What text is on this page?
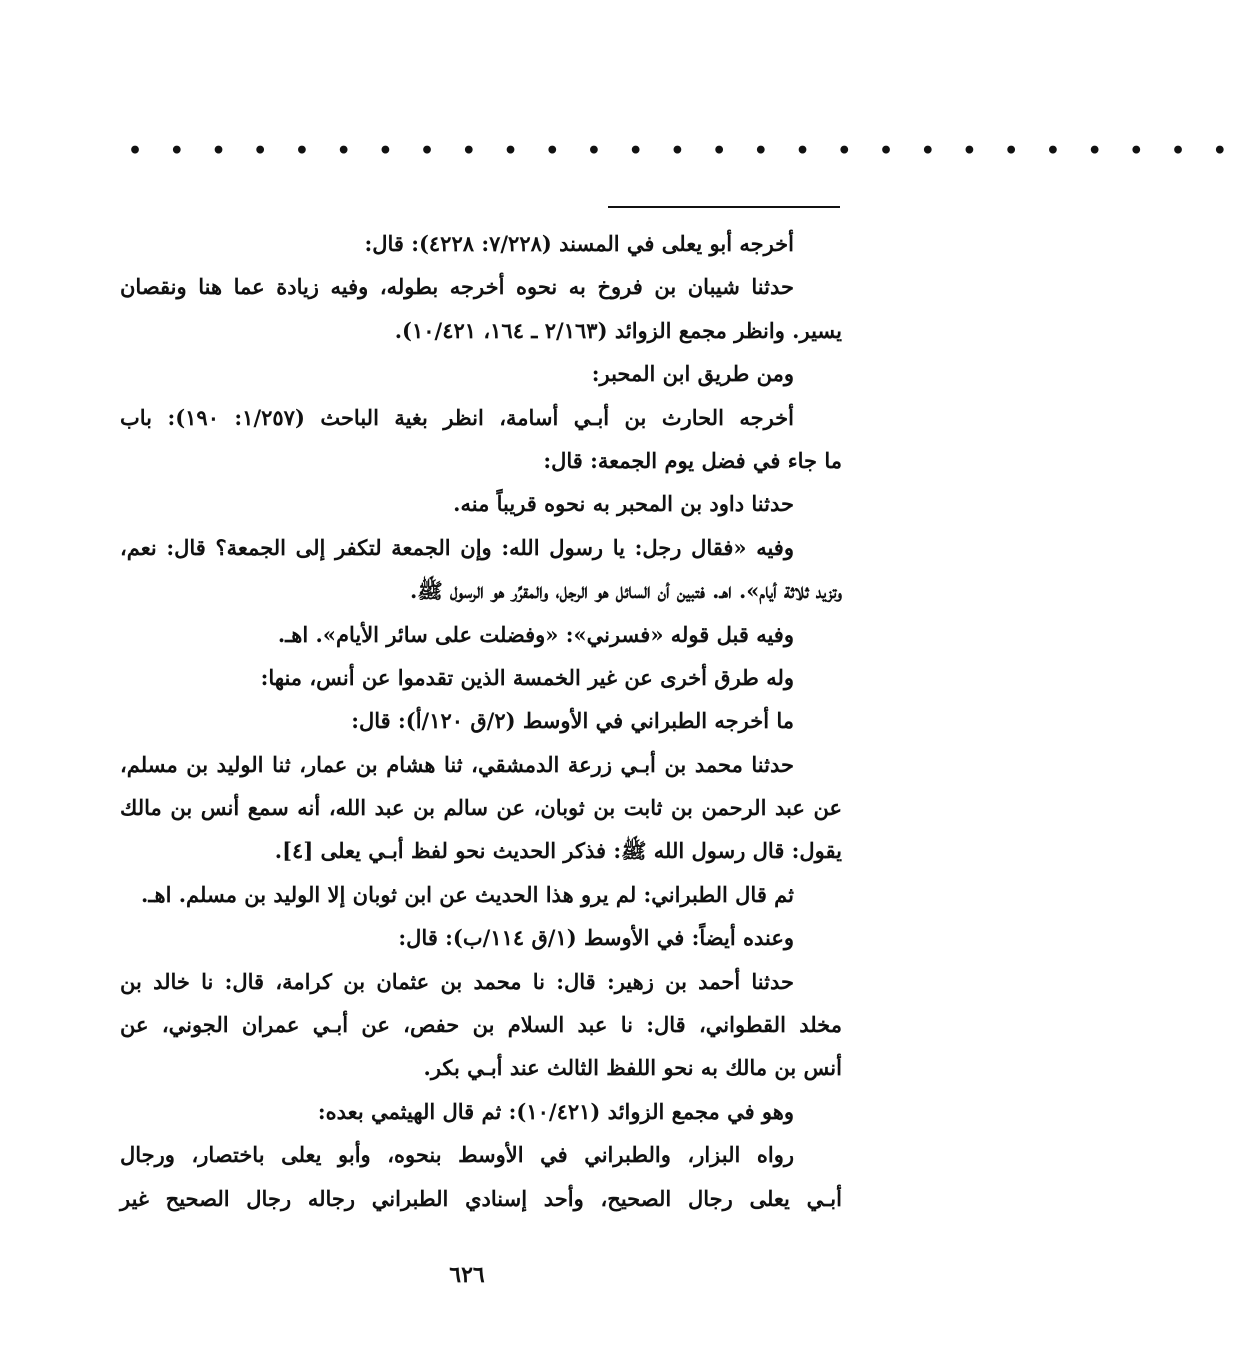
• • • • • • • • • • • • • • • • • • • • • • • • • • •
أخرجه أبو يعلى في المسند (٧/٢٢٨: ٤٢٢٨): قال:
حدثنا شيبان بن فروخ به نحوه أخرجه بطوله، وفيه زيادة عما هنا ونقصان
يسير. وانظر مجمع الزوائد (٢/١٦٣ ـ ١٦٤، ١٠/٤٢١).
ومن طريق ابن المحبر:
أخرجه الحارث بن أبـي أسامة، انظر بغية الباحث (١/٢٥٧: ١٩٠): باب
ما جاء في فضل يوم الجمعة: قال:
حدثنا داود بن المحبر به نحوه قريباً منه.
وفيه «فقال رجل: يا رسول الله: وإن الجمعة لتكفر إلى الجمعة؟ قال: نعم،
وتزيد ثلاثة أيام». اهـ. فتبين أن السائل هو الرجل، والمقرِّر هو الرسول ﷺ.
وفيه قبل قوله «فسرني»: «وفضلت على سائر الأيام». اهـ.
وله طرق أخرى عن غير الخمسة الذين تقدموا عن أنس، منها:
ما أخرجه الطبراني في الأوسط (٢/ق ١٢٠/أ): قال:
حدثنا محمد بن أبـي زرعة الدمشقي، ثنا هشام بن عمار، ثنا الوليد بن مسلم،
عن عبد الرحمن بن ثابت بن ثوبان، عن سالم بن عبد الله، أنه سمع أنس بن مالك
يقول: قال رسول الله ﷺ: فذكر الحديث نحو لفظ أبـي يعلى [٤].
ثم قال الطبراني: لم يرو هذا الحديث عن ابن ثوبان إلا الوليد بن مسلم. اهـ.
وعنده أيضاً: في الأوسط (١/ق ١١٤/ب): قال:
حدثنا أحمد بن زهير: قال: نا محمد بن عثمان بن كرامة، قال: نا خالد بن
مخلد القطواني، قال: نا عبد السلام بن حفص، عن أبـي عمران الجوني، عن
أنس بن مالك به نحو اللفظ الثالث عند أبـي بكر.
وهو في مجمع الزوائد (١٠/٤٢١): ثم قال الهيثمي بعده:
رواه البزار، والطبراني في الأوسط بنحوه، وأبو يعلى باختصار، ورجال
أبـي يعلى رجال الصحيح، وأحد إسنادي الطبراني رجاله رجال الصحيح غير
٦٢٦
